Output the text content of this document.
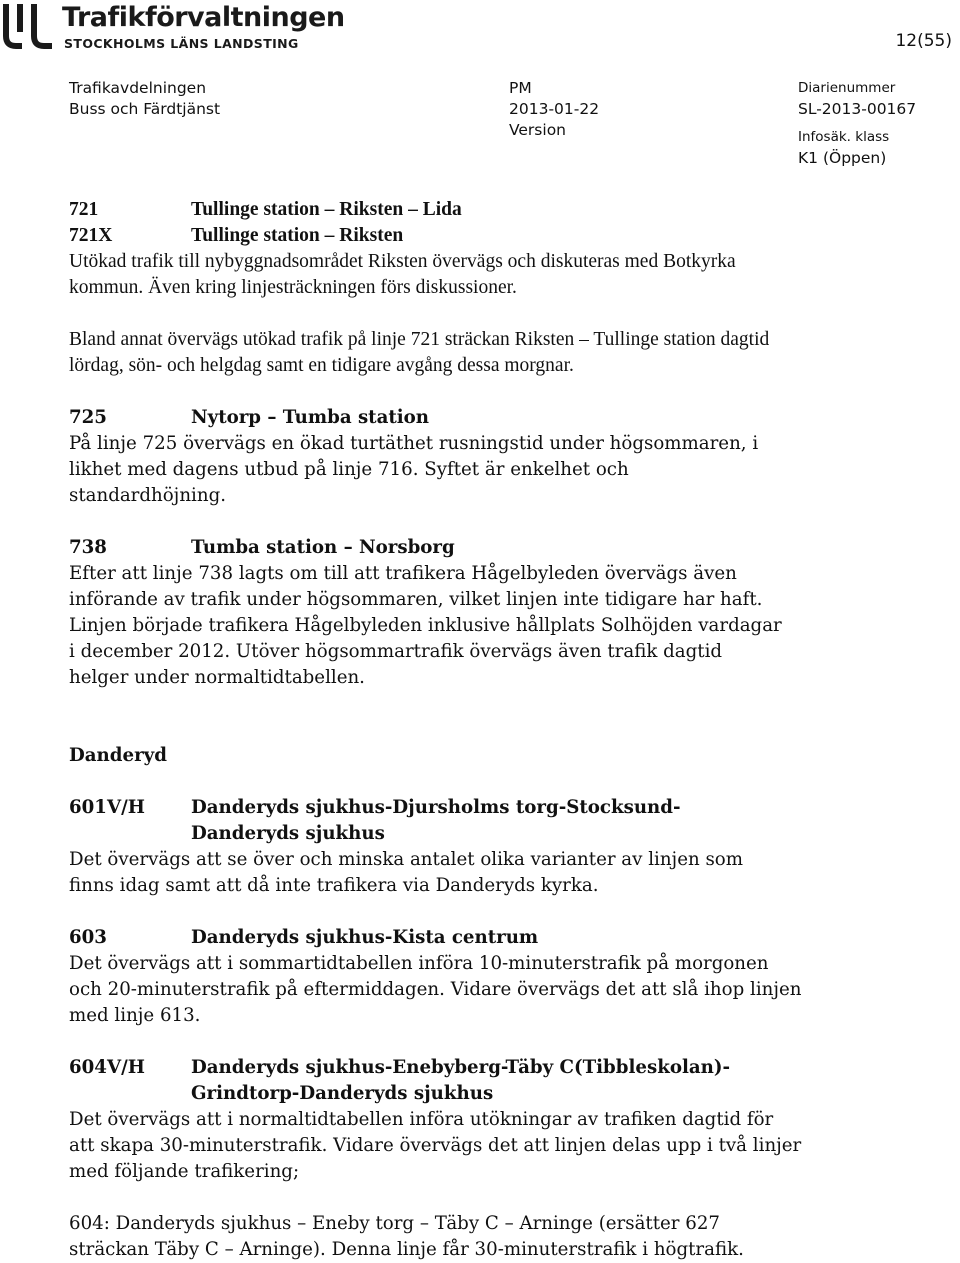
Trafikförvaltningen
STOCKHOLMS LÄNS LANDSTING	12(55)
Trafikavdelningen
Buss och Färdtjänst
PM
2013-01-22
Version
Diarienummer
SL-2013-00167
Infosäk. klass
K1 (Öppen)
721	Tullinge station – Riksten – Lida
721X	Tullinge station – Riksten

Utökad trafik till nybyggnadsområdet Riksten övervägs och diskuteras med Botkyrka kommun. Även kring linjesträckningen förs diskussioner.

Bland annat övervägs utökad trafik på linje 721 sträckan Riksten – Tullinge station dagtid lördag, sön- och helgdag samt en tidigare avgång dessa morgnar.

725	Nytorp – Tumba station

På linje 725 övervägs en ökad turtäthet rusningstid under högsommaren, i likhet med dagens utbud på linje 716. Syftet är enkelhet och standardhöjning.

738	Tumba station – Norsborg

Efter att linje 738 lagts om till att trafikera Hågelbyleden övervägs även införande av trafik under högsommaren, vilket linjen inte tidigare har haft. Linjen började trafikera Hågelbyleden inklusive hållplats Solhöjden vardagar i december 2012. Utöver högsommartrafik övervägs även trafik dagtid helger under normaltidtabellen.

Danderyd

601V/H	Danderyds sjukhus-Djursholms torg-Stocksund-
Danderyds sjukhus

Det övervägs att se över och minska antalet olika varianter av linjen som finns idag samt att då inte trafikera via Danderyds kyrka.

603	Danderyds sjukhus-Kista centrum

Det övervägs att i sommartidtabellen införa 10-minuterstrafik på morgonen och 20-minuterstrafik på eftermiddagen. Vidare övervägs det att slå ihop linjen med linje 613.

604V/H	Danderyds sjukhus-Enebyberg-Täby C(Tibbleskolan)-
Grindtorp-Danderyds sjukhus

Det övervägs att i normaltidtabellen införa utökningar av trafiken dagtid för att skapa 30-minuterstrafik. Vidare övervägs det att linjen delas upp i två linjer med följande trafikering;

604: Danderyds sjukhus – Eneby torg – Täby C – Arninge (ersätter 627 sträckan Täby C – Arninge). Denna linje får 30-minuterstrafik i högtrafik.
